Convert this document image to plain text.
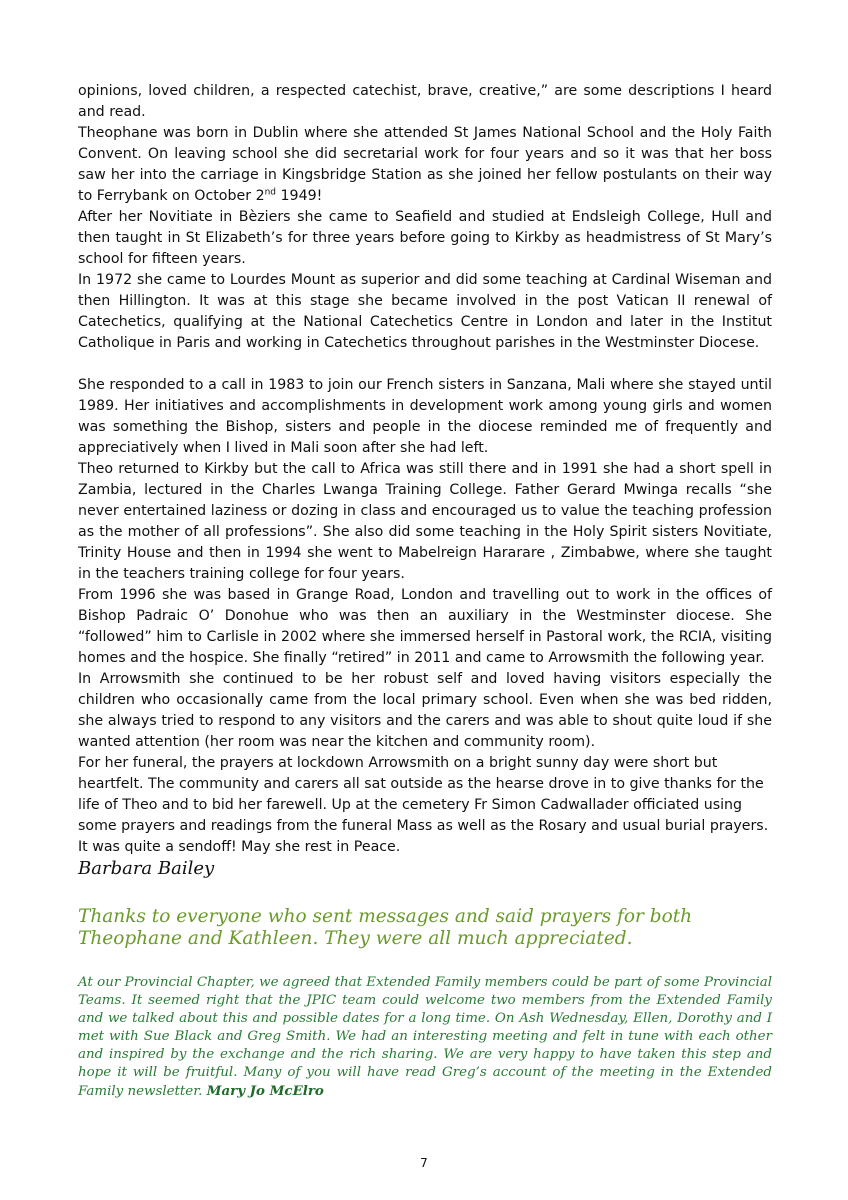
opinions, loved children, a respected catechist, brave, creative,” are some descriptions I heard and read.

Theophane was born in Dublin where she attended St James National School and the Holy Faith Convent. On leaving school she did secretarial work for four years and so it was that her boss saw her into the carriage in Kingsbridge Station as she joined her fellow postulants on their way to Ferrybank on October 2nd 1949!

After her Novitiate in Bèziers she came to Seafield and studied at Endsleigh College, Hull and then taught in St Elizabeth’s for three years before going to Kirkby as headmistress of St Mary’s school for fifteen years.

In 1972 she came to Lourdes Mount as superior and did some teaching at Cardinal Wiseman and then Hillington. It was at this stage she became involved in the post Vatican II renewal of Catechetics, qualifying at the National Catechetics Centre in London and later in the Institut Catholique in Paris and working in Catechetics throughout parishes in the Westminster Diocese.

She responded to a call in 1983 to join our French sisters in Sanzana, Mali where she stayed until 1989. Her initiatives and accomplishments in development work among young girls and women was something the Bishop, sisters and people in the diocese reminded me of frequently and appreciatively when I lived in Mali soon after she had left.

Theo returned to Kirkby but the call to Africa was still there and in 1991 she had a short spell in Zambia, lectured in the Charles Lwanga Training College. Father Gerard Mwinga recalls “she never entertained laziness or dozing in class and encouraged us to value the teaching profession as the mother of all professions”. She also did some teaching in the Holy Spirit sisters Novitiate, Trinity House and then in 1994 she went to Mabelreign Hararare , Zimbabwe, where she taught in the teachers training college for four years.

From 1996 she was based in Grange Road, London and travelling out to work in the offices of Bishop Padraic O’ Donohue who was then an auxiliary in the Westminster diocese. She “followed” him to Carlisle in 2002 where she immersed herself in Pastoral work, the RCIA, visiting homes and the hospice. She finally “retired” in 2011 and came to Arrowsmith the following year.

In Arrowsmith she continued to be her robust self and loved having visitors especially the children who occasionally came from the local primary school. Even when she was bed ridden, she always tried to respond to any visitors and the carers and was able to shout quite loud if she wanted attention (her room was near the kitchen and community room).

For her funeral, the prayers at lockdown Arrowsmith on a bright sunny day were short but heartfelt. The community and carers all sat outside as the hearse drove in to give thanks for the life of Theo and to bid her farewell. Up at the cemetery Fr Simon Cadwallader officiated using some prayers and readings from the funeral Mass as well as the Rosary and usual burial prayers. It was quite a sendoff! May she rest in Peace.

Barbara Bailey

Thanks to everyone who sent messages and said prayers for both Theophane and Kathleen. They were all much appreciated.

At our Provincial Chapter, we agreed that Extended Family members could be part of some Provincial Teams. It seemed right that the JPIC team could welcome two members from the Extended Family and we talked about this and possible dates for a long time. On Ash Wednesday, Ellen, Dorothy and I met with Sue Black and Greg Smith. We had an interesting meeting and felt in tune with each other and inspired by the exchange and the rich sharing. We are very happy to have taken this step and hope it will be fruitful. Many of you will have read Greg’s account of the meeting in the Extended Family newsletter. Mary Jo McElro

7
